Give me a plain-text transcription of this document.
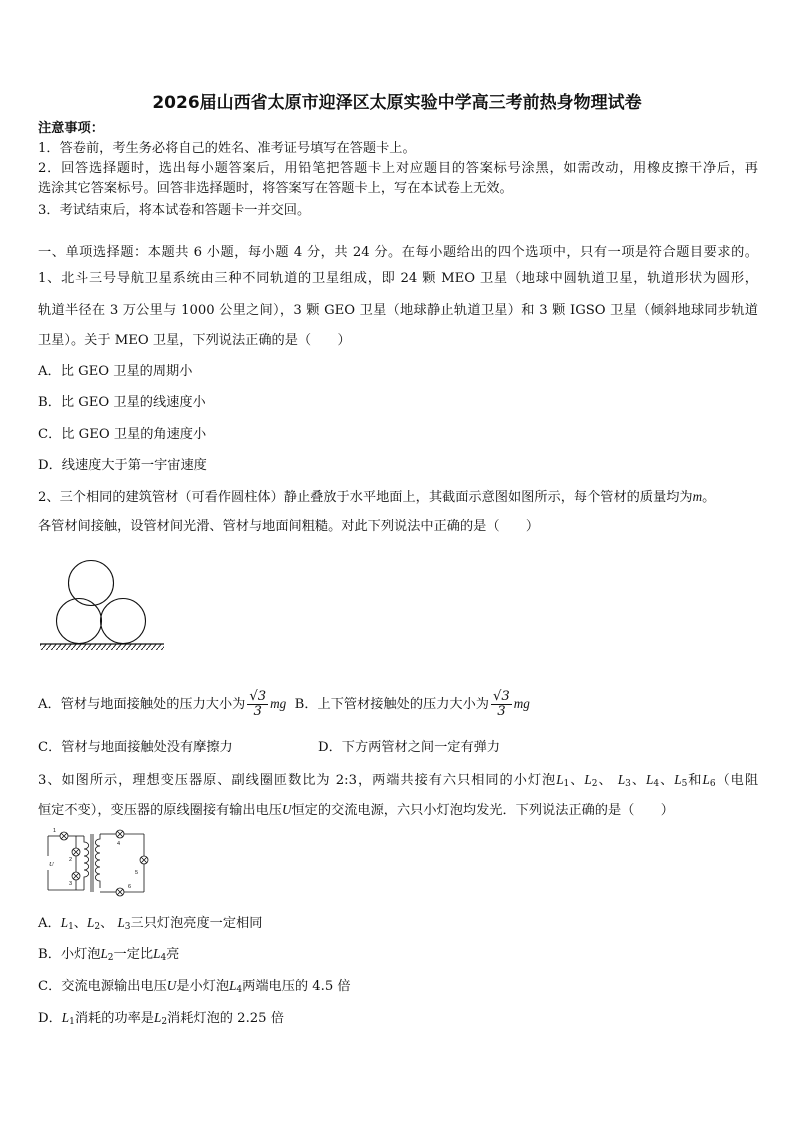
2026届山西省太原市迎泽区太原实验中学高三考前热身物理试卷
注意事项：
1．答卷前，考生务必将自己的姓名、准考证号填写在答题卡上。
2．回答选择题时，选出每小题答案后，用铅笔把答题卡上对应题目的答案标号涂黑，如需改动，用橡皮擦干净后，再
选涂其它答案标号。回答非选择题时，将答案写在答题卡上，写在本试卷上无效。
3．考试结束后，将本试卷和答题卡一并交回。
一、单项选择题：本题共 6 小题，每小题 4 分，共 24 分。在每小题给出的四个选项中，只有一项是符合题目要求的。
1、北斗三号导航卫星系统由三种不同轨道的卫星组成，即 24 颗 MEO 卫星（地球中圆轨道卫星，轨道形状为圆形，
轨道半径在 3 万公里与 1000 公里之间），3 颗 GEO 卫星（地球静止轨道卫星）和 3 颗 IGSO 卫星（倾斜地球同步轨道
卫星）。关于 MEO 卫星，下列说法正确的是（　　）
A．比 GEO 卫星的周期小
B．比 GEO 卫星的线速度小
C．比 GEO 卫星的角速度小
D．线速度大于第一宇宙速度
2、三个相同的建筑管材（可看作圆柱体）静止叠放于水平地面上，其截面示意图如图所示，每个管材的质量均为m。
各管材间接触，设管材间光滑、管材与地面间粗糙。对此下列说法中正确的是（　　）
A．管材与地面接触处的压力大小为 $\frac{√3}{3}$ mg B．上下管材接触处的压力大小为 $\frac{√3}{3}$ mg
C．管材与地面接触处没有摩擦力	D．下方两管材之间一定有弹力
3、如图所示，理想变压器原、副线圈匝数比为 2:3，两端共接有六只相同的小灯泡$L_1$、$L_2$、 $L_3$、$L_4$、$L_5$和$L_6$（电阻
恒定不变），变压器的原线圈接有输出电压U恒定的交流电源，六只小灯泡均发光．下列说法正确的是（　　）
1
2
3
4
5
6
U
A．$L_1$、$L_2$、 $L_3$三只灯泡亮度一定相同
B．小灯泡$L_2$一定比$L_4$亮
C．交流电源输出电压U是小灯泡$L_4$两端电压的 4.5 倍
D．$L_1$消耗的功率是$L_2$消耗灯泡的 2.25 倍
